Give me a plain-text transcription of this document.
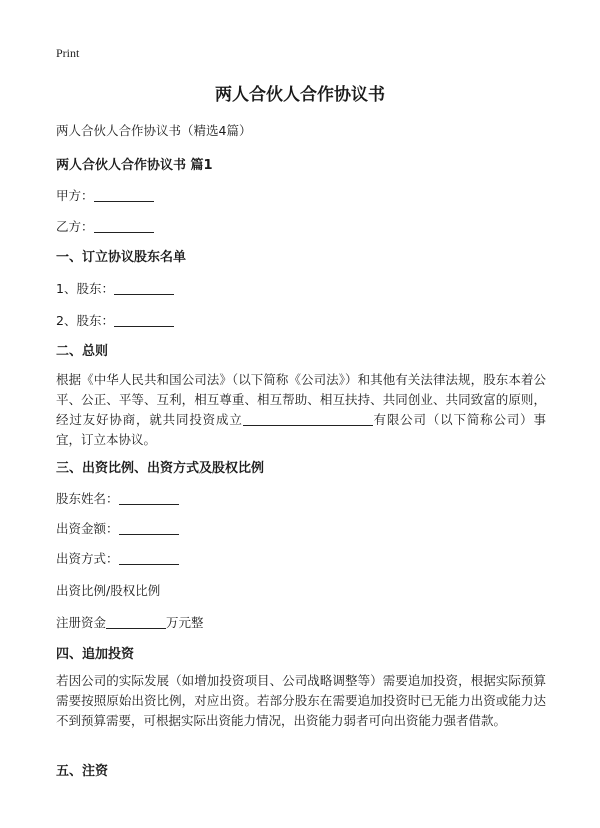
Print
两人合伙人合作协议书
两人合伙人合作协议书（精选4篇）
两人合伙人合作协议书 篇1
甲方：
乙方：
一、订立协议股东名单
1、股东：
2、股东：
二、总则
根据《中华人民共和国公司法》（以下简称《公司法》）和其他有关法律法规，股东本着公平、公正、平等、互利，相互尊重、相互帮助、相互扶持、共同创业、共同致富的原则，经过友好协商，就共同投资成立	有限公司（以下简称公司）事宜，订立本协议。
三、出资比例、出资方式及股权比例
股东姓名：
出资金额：
出资方式：
出资比例/股权比例
注册资金	万元整
四、追加投资
若因公司的实际发展（如增加投资项目、公司战略调整等）需要追加投资，根据实际预算需要按照原始出资比例，对应出资。若部分股东在需要追加投资时已无能力出资或能力达不到预算需要，可根据实际出资能力情况，出资能力弱者可向出资能力强者借款。
五、注资
